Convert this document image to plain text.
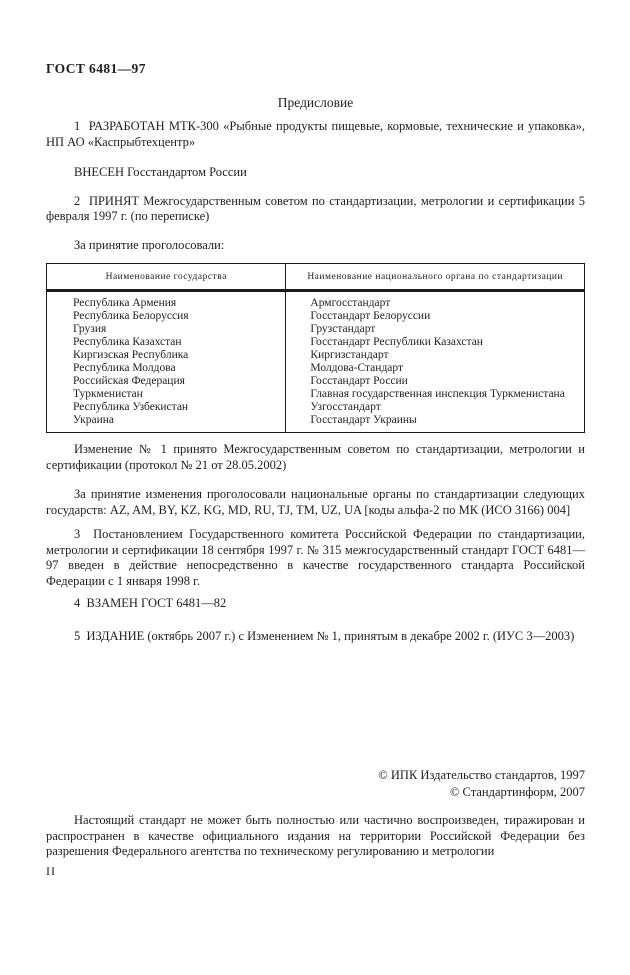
ГОСТ 6481—97
Предисловие

1  РАЗРАБОТАН МТК-300 «Рыбные продукты пищевые, кормовые, технические и упаковка», НП АО «Каспрыбтехцентр»

ВНЕСЕН Госстандартом России

2  ПРИНЯТ Межгосударственным советом по стандартизации, метрологии и сертификации 5 февраля 1997 г. (по переписке)

За принятие проголосовали:

Наименование государства	Наименование национального органа по стандартизации
Республика Армения	Армгосстандарт
Республика Белоруссия	Госстандарт Белоруссии
Грузия	Грузстандарт
Республика Казахстан	Госстандарт Республики Казахстан
Киргизская Республика	Киргизстандарт
Республика Молдова	Молдова-Стандарт
Российская Федерация	Госстандарт России
Туркменистан	Главная государственная инспекция Туркменистана
Республика Узбекистан	Узгосстандарт
Украина	Госстандарт Украины

Изменение № 1 принято Межгосударственным советом по стандартизации, метрологии и сертификации (протокол № 21 от 28.05.2002)

За принятие изменения проголосовали национальные органы по стандартизации следующих государств: AZ, AM, BY, KZ, KG, MD, RU, TJ, TM, UZ, UA [коды альфа-2 по МК (ИСО 3166) 004]

3  Постановлением Государственного комитета Российской Федерации по стандартизации, метрологии и сертификации 18 сентября 1997 г. № 315 межгосударственный стандарт ГОСТ 6481—97 введен в действие непосредственно в качестве государственного стандарта Российской Федерации с 1 января 1998 г.

4  ВЗАМЕН ГОСТ 6481—82

5  ИЗДАНИЕ (октябрь 2007 г.) с Изменением № 1, принятым в декабре 2002 г. (ИУС 3—2003)

© ИПК Издательство стандартов, 1997
© Стандартинформ, 2007

Настоящий стандарт не может быть полностью или частично воспроизведен, тиражирован и распространен в качестве официального издания на территории Российской Федерации без разрешения Федерального агентства по техническому регулированию и метрологии

II
